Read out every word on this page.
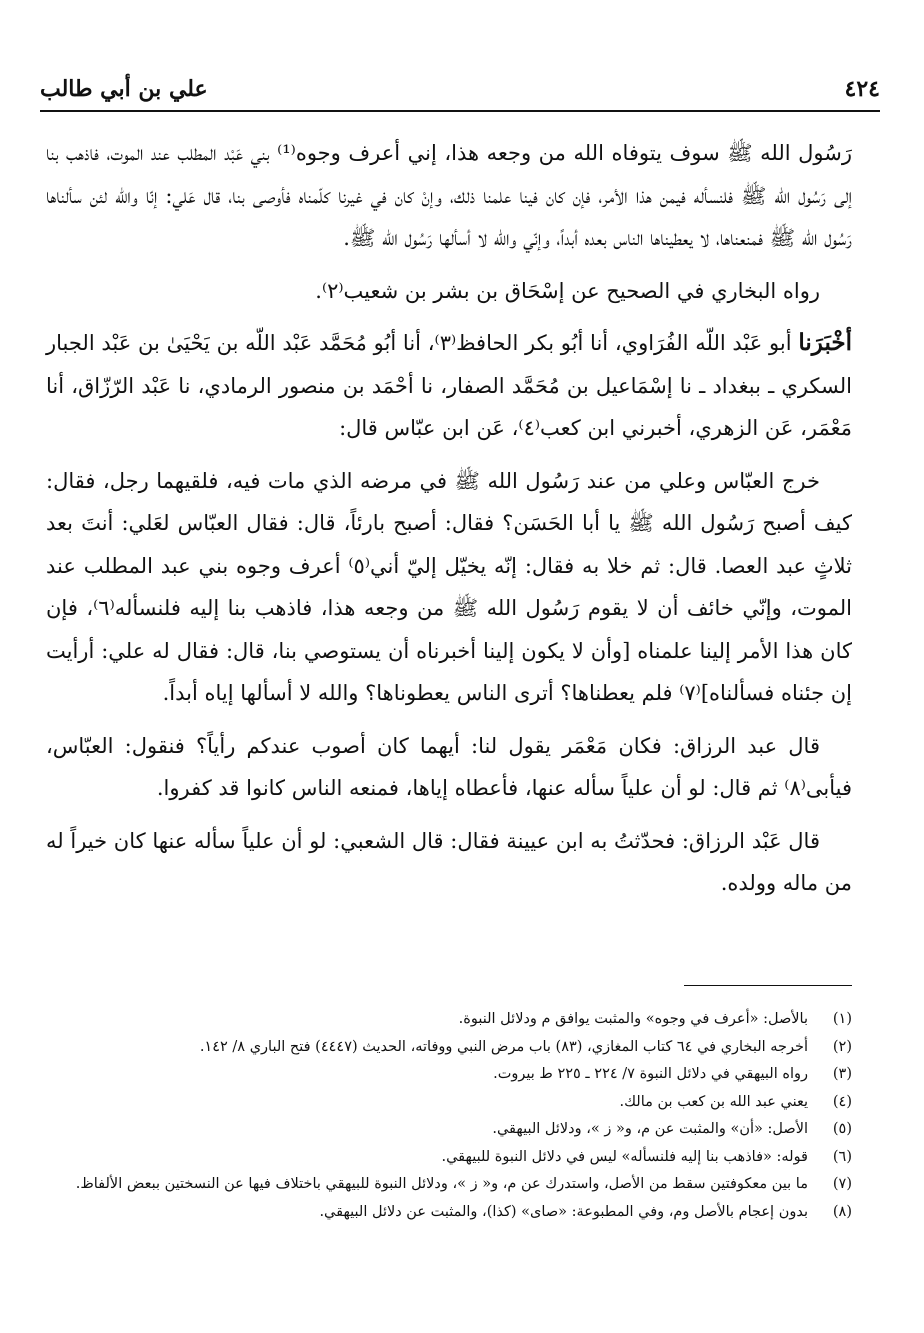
٤٢٤
علي بن أبي طالب

رَسُول الله ﷺ سوف يتوفاه الله من وجعه هذا، إني أعرف وجوه⁽¹⁾ بني عَبْد المطلب عند الموت، فاذهب بنا إلى رَسُول الله ﷺ فلنسأله فيمن هذا الأمر، فإن كان فينا علمنا ذلك، وإنْ كان في غيرنا كلّمناه فأوصى بنا، قال عَلي: إنّا والله لئن سألناها رَسُول الله ﷺ فمنعناها، لا يعطيناها الناس بعده أبداً، وإنّي والله لا أسألها رَسُول الله ﷺ.

رواه البخاري في الصحيح عن إسْحَاق بن بشر بن شعيب⁽٢⁾.

أخْبَرَنا أبو عَبْد اللّه الفُرَاوي، أنا أبُو بكر الحافظ⁽٣⁾، أنا أبُو مُحَمَّد عَبْد اللّه بن يَحْيَىٰ بن عَبْد الجبار السكري ـ ببغداد ـ نا إسْمَاعيل بن مُحَمَّد الصفار، نا أحْمَد بن منصور الرمادي، نا عَبْد الرّزّاق، أنا مَعْمَر، عَن الزهري، أخبرني ابن كعب⁽٤⁾، عَن ابن عبّاس قال:

خرج العبّاس وعلي من عند رَسُول الله ﷺ في مرضه الذي مات فيه، فلقيهما رجل، فقال: كيف أصبح رَسُول الله ﷺ يا أبا الحَسَن؟ فقال: أصبح بارئاً، قال: فقال العبّاس لعَلي: أنتَ بعد ثلاثٍ عبد العصا. قال: ثم خلا به فقال: إنّه يخيّل إليّ أني⁽٥⁾ أعرف وجوه بني عبد المطلب عند الموت، وإنّي خائف أن لا يقوم رَسُول الله ﷺ من وجعه هذا، فاذهب بنا إليه فلنسأله⁽٦⁾، فإن كان هذا الأمر إلينا علمناه [وأن لا يكون إلينا أخبرناه أن يستوصي بنا، قال: فقال له علي: أرأيت إن جئناه فسألناه]⁽٧⁾ فلم يعطناها؟ أترى الناس يعطوناها؟ والله لا أسألها إياه أبداً.

قال عبد الرزاق: فكان مَعْمَر يقول لنا: أيهما كان أصوب عندكم رأياً؟ فنقول: العبّاس، فيأبى⁽٨⁾ ثم قال: لو أن علياً سأله عنها، فأعطاه إياها، فمنعه الناس كانوا قد كفروا.

قال عَبْد الرزاق: فحدّثتُ به ابن عيينة فقال: قال الشعبي: لو أن علياً سأله عنها كان خيراً له من ماله وولده.

(١)
بالأصل: «أعرف في وجوه» والمثبت يوافق م ودلائل النبوة.
(٢)
أخرجه البخاري في ٦٤ كتاب المغازي، (٨٣) باب مرض النبي ووفاته، الحديث (٤٤٤٧) فتح الباري ٨/ ١٤٢.
(٣)
رواه البيهقي في دلائل النبوة ٧/ ٢٢٤ ـ ٢٢٥ ط بيروت.
(٤)
يعني عبد الله بن كعب بن مالك.
(٥)
الأصل: «أن» والمثبت عن م، و« ز »، ودلائل البيهقي.
(٦)
قوله: «فاذهب بنا إليه فلنسأله» ليس في دلائل النبوة للبيهقي.
(٧)
ما بين معكوفتين سقط من الأصل، واستدرك عن م، و« ز »، ودلائل النبوة للبيهقي باختلاف فيها عن النسختين ببعض الألفاظ.
(٨)
بدون إعجام بالأصل وم، وفي المطبوعة: «صاى» (كذا)، والمثبت عن دلائل البيهقي.
